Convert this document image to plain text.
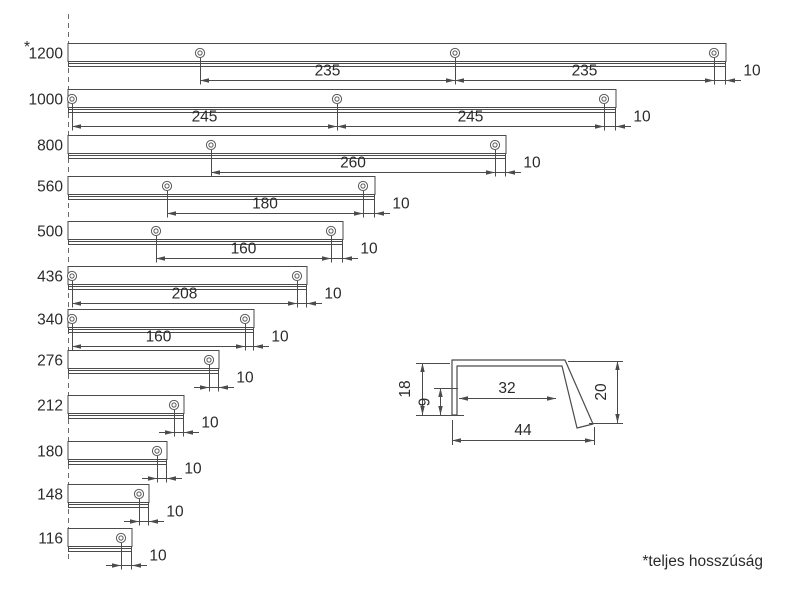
*
1200
235	235	10
1000
245	245	10
800
260	10
560
180	10
500
160	10
436
208	10
340
160	10
276
10
212
10
180
10
148
10
116
10
18
9
32
44
20
*teljes hosszúság
